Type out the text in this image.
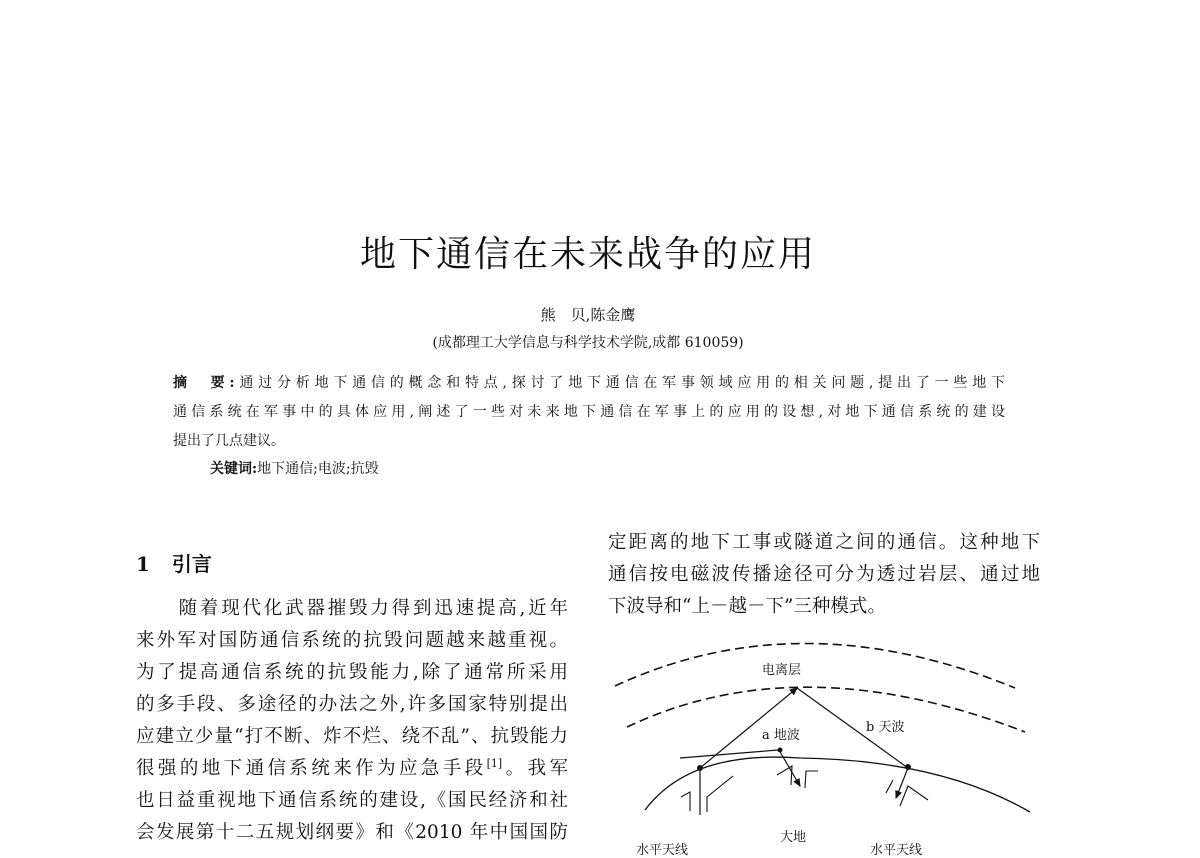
地下通信在未来战争的应用
熊　贝,陈金鹰
(成都理工大学信息与科学技术学院,成都 610059)
摘　要:通过分析地下通信的概念和特点,探讨了地下通信在军事领域应用的相关问题,提出了一些地下
通信系统在军事中的具体应用,阐述了一些对未来地下通信在军事上的应用的设想,对地下通信系统的建设
提出了几点建议。
关键词:地下通信;电波;抗毁
1 引言
　　随着现代化武器摧毁力得到迅速提高,近年
来外军对国防通信系统的抗毁问题越来越重视。
为了提高通信系统的抗毁能力,除了通常所采用
的多手段、多途径的办法之外,许多国家特别提出
应建立少量“打不断、炸不烂、绕不乱”、抗毁能力
很强的地下通信系统来作为应急手段[1]。我军
也日益重视地下通信系统的建设,《国民经济和社
会发展第十二五规划纲要》和《2010 年中国国防
定距离的地下工事或隧道之间的通信。这种地下
通信按电磁波传播途径可分为透过岩层、通过地
下波导和“上－越－下”三种模式。
电离层
a 地波
b 天波
大地
水平天线	水平天线
